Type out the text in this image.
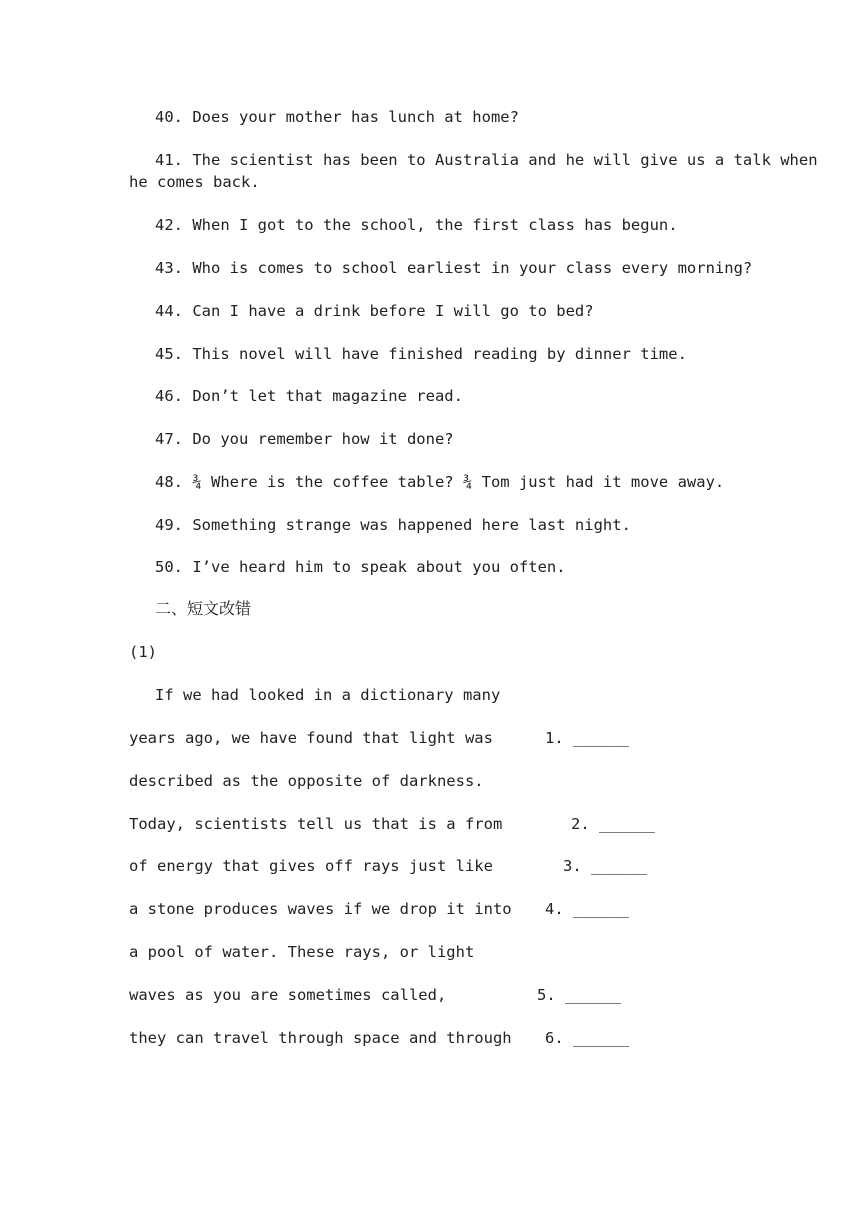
40. Does your mother has lunch at home?
41. The scientist has been to Australia and he will give us a talk when
he comes back.
42. When I got to the school, the first class has begun.
43. Who is comes to school earliest in your class every morning?
44. Can I have a drink before I will go to bed?
45. This novel will have finished reading by dinner time.
46. Don’t let that magazine read.
47. Do you remember how it done?
48. ¾ Where is the coffee table? ¾ Tom just had it move away.
49. Something strange was happened here last night.
50. I’ve heard him to speak about you often.
二、短文改错
(1)
If we had looked in a dictionary many
years ago, we have found that light was
described as the opposite of darkness.
Today, scientists tell us that is a from
of energy that gives off rays just like
a stone produces waves if we drop it into
a pool of water. These rays, or light
waves as you are sometimes called,
they can travel through space and through
1. ______
2. ______
3. ______
4. ______
5. ______
6. ______
